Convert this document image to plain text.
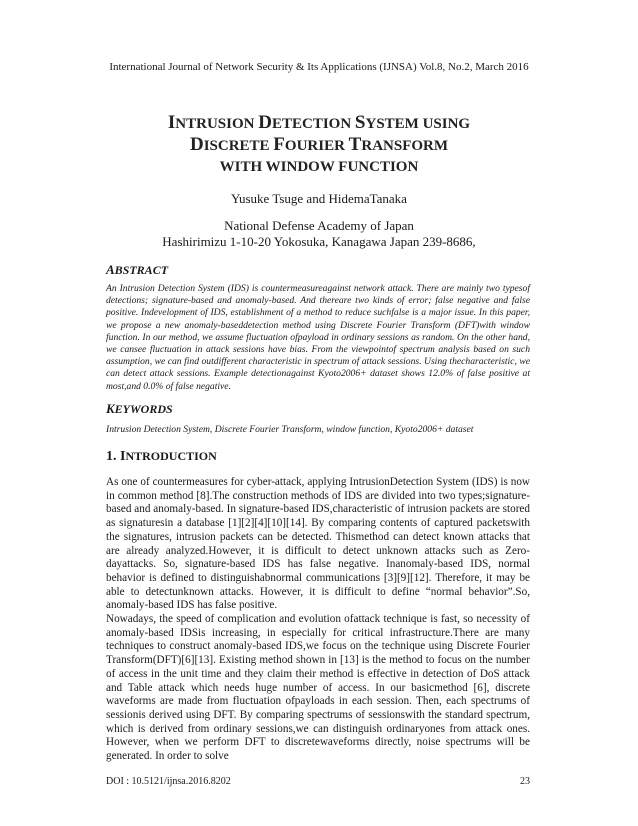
International Journal of Network Security & Its Applications (IJNSA) Vol.8, No.2, March 2016
INTRUSION DETECTION SYSTEM USING
DISCRETE FOURIER TRANSFORM
WITH WINDOW FUNCTION
Yusuke Tsuge and HidemaTanaka
National Defense Academy of Japan
Hashirimizu 1-10-20 Yokosuka, Kanagawa Japan 239-8686,
ABSTRACT
An Intrusion Detection System (IDS) is countermeasureagainst network attack. There are mainly two typesof detections; signature-based and anomaly-based. And thereare two kinds of error; false negative and false positive. Indevelopment of IDS, establishment of a method to reduce suchfalse is a major issue. In this paper, we propose a new anomaly-baseddetection method using Discrete Fourier Transform (DFT)with window function. In our method, we assume fluctuation ofpayload in ordinary sessions as random. On the other hand, we cansee fluctuation in attack sessions have bias. From the viewpointof spectrum analysis based on such assumption, we can find outdifferent characteristic in spectrum of attack sessions. Using thecharacteristic, we can detect attack sessions. Example detectionagainst Kyoto2006+ dataset shows 12.0% of false positive at most,and 0.0% of false negative.
KEYWORDS
Intrusion Detection System, Discrete Fourier Transform, window function, Kyoto2006+ dataset
1. INTRODUCTION
As one of countermeasures for cyber-attack, applying IntrusionDetection System (IDS) is now in common method [8].The construction methods of IDS are divided into two types;signature-based and anomaly-based. In signature-based IDS,characteristic of intrusion packets are stored as signaturesin a database [1][2][4][10][14]. By comparing contents of captured packetswith the signatures, intrusion packets can be detected. Thismethod can detect known attacks that are already analyzed.However, it is difficult to detect unknown attacks such as Zero-dayattacks. So, signature-based IDS has false negative. Inanomaly-based IDS, normal behavior is defined to distinguishabnormal communications [3][9][12]. Therefore, it may be able to detectunknown attacks. However, it is difficult to define “normal behavior”.So, anomaly-based IDS has false positive.
Nowadays, the speed of complication and evolution ofattack technique is fast, so necessity of anomaly-based IDSis increasing, in especially for critical infrastructure.There are many techniques to construct anomaly-based IDS,we focus on the technique using Discrete Fourier Transform(DFT)[6][13]. Existing method shown in [13] is the method to focus on the number of access in the unit time and they claim their method is effective in detection of DoS attack and Table attack which needs huge number of access. In our basicmethod [6], discrete waveforms are made from fluctuation ofpayloads in each session. Then, each spectrums of sessionis derived using DFT. By comparing spectrums of sessionswith the standard spectrum, which is derived from ordinary sessions,we can distinguish ordinaryones from attack ones. However, when we perform DFT to discretewaveforms directly, noise spectrums will be generated. In order to solve
DOI : 10.5121/ijnsa.2016.8202	23
